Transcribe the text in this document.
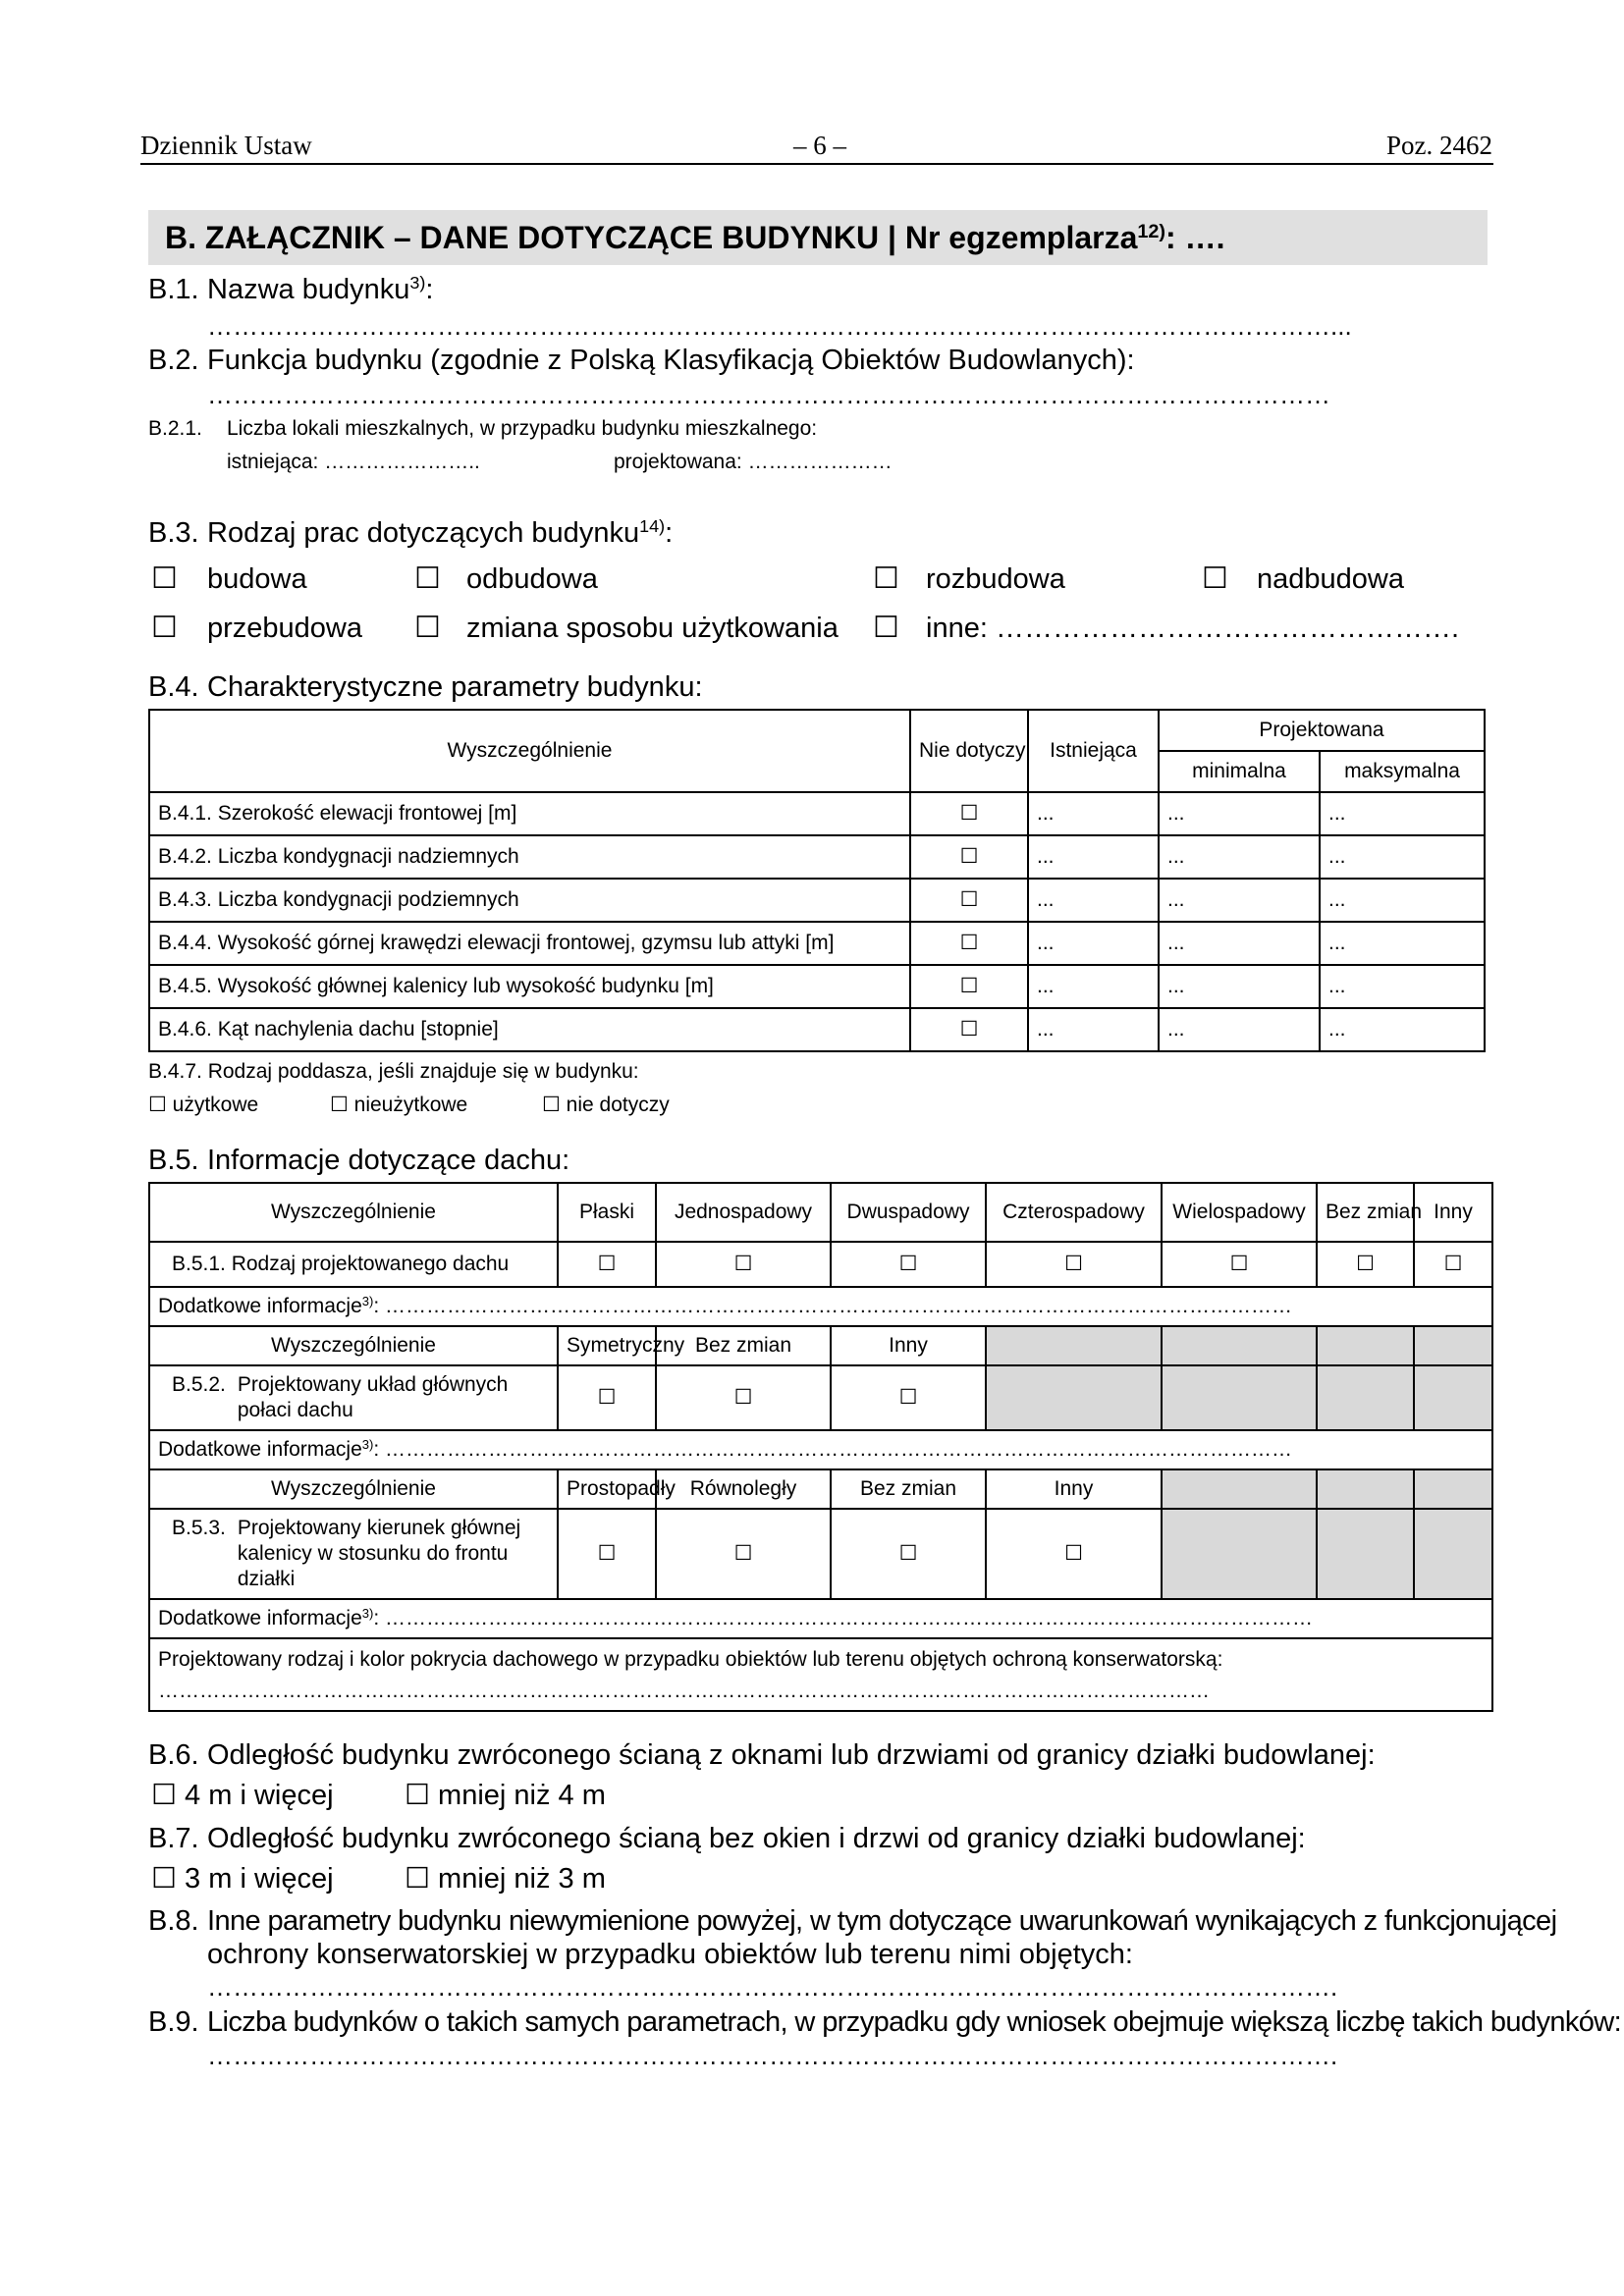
Dziennik Ustaw	– 6 –	Poz. 2462
B. ZAŁĄCZNIK – DANE DOTYCZĄCE BUDYNKU | Nr egzemplarza$^{12)}$: ….
B.1. Nazwa budynku$^{3)}$:
……………………………………………………………………………………………………………………...
B.2. Funkcja budynku (zgodnie z Polską Klasyfikacją Obiektów Budowlanych):
……………………………………………………………………………………………………………………
B.2.1. Liczba lokali mieszkalnych, w przypadku budynku mieszkalnego:
istniejąca: …………………..	projektowana: …………………
B.3. Rodzaj prac dotyczących budynku$^{14)}$:
☐ budowa	☐ odbudowa	☐ rozbudowa	☐ nadbudowa
☐ przebudowa ☐ zmiana sposobu użytkowania ☐ inne: ………………………………………….
B.4. Charakterystyczne parametry budynku:
Wyszczególnienie	Nie dotyczy	Istniejąca	Projektowana	
			minimalna	maksymalna
B.4.1. Szerokość elewacji frontowej [m]	☐	...	...	...
B.4.2. Liczba kondygnacji nadziemnych	☐	...	...	...
B.4.3. Liczba kondygnacji podziemnych	☐	...	...	...
B.4.4. Wysokość górnej krawędzi elewacji frontowej, gzymsu lub attyki [m]	☐	...	...	...
B.4.5. Wysokość głównej kalenicy lub wysokość budynku [m]	☐	...	...	...
B.4.6. Kąt nachylenia dachu [stopnie]	☐	...	...	...
B.4.7. Rodzaj poddasza, jeśli znajduje się w budynku:
☐ użytkowe	☐ nieużytkowe	☐ nie dotyczy
B.5. Informacje dotyczące dachu:
Wyszczególnienie	Płaski	Jednospadowy	Dwuspadowy	Czterospadowy	Wielospadowy	Bez zmian	Inny
B.5.1. Rodzaj projektowanego dachu	☐	☐	☐	☐	☐	☐	☐
Dodatkowe informacje$^{3)}$: ……………………………………………………………………………………………………………………							
Wyszczególnienie	Symetryczny	Bez zmian	Inny				

B.5.2. Projektowany układ głównych połaci dachu	☐	☐	☐				
Dodatkowe informacje$^{3)}$: ……………………………………………………………………………………………………………………							
Wyszczególnienie	Prostopadły	Równoległy	Bez zmian	Inny			

B.5.3. Projektowany kierunek głównej kalenicy w stosunku do frontu działki	☐	☐	☐	☐			
Dodatkowe informacje$^{3)}$: ………………………………………………………………………………………………………………………							

Projektowany rodzaj i kolor pokrycia dachowego w przypadku obiektów lub terenu objętych ochroną konserwatorską:
………………………………………………………………………………………………………………………………………							
B.6. Odległość budynku zwróconego ścianą z oknami lub drzwiami od granicy działki budowlanej:
☐ 4 m i więcej ☐ mniej niż 4 m
B.7. Odległość budynku zwróconego ścianą bez okien i drzwi od granicy działki budowlanej:
☐ 3 m i więcej ☐ mniej niż 3 m
B.8. Inne parametry budynku niewymienione powyżej, w tym dotyczące uwarunkowań wynikających z funkcjonującej
ochrony konserwatorskiej w przypadku obiektów lub terenu nimi objętych:
…………………………………………………………………………………………………………………….
B.9. Liczba budynków o takich samych parametrach, w przypadku gdy wniosek obejmuje większą liczbę takich budynków:
…………………………………………………………………………………………………………………….
